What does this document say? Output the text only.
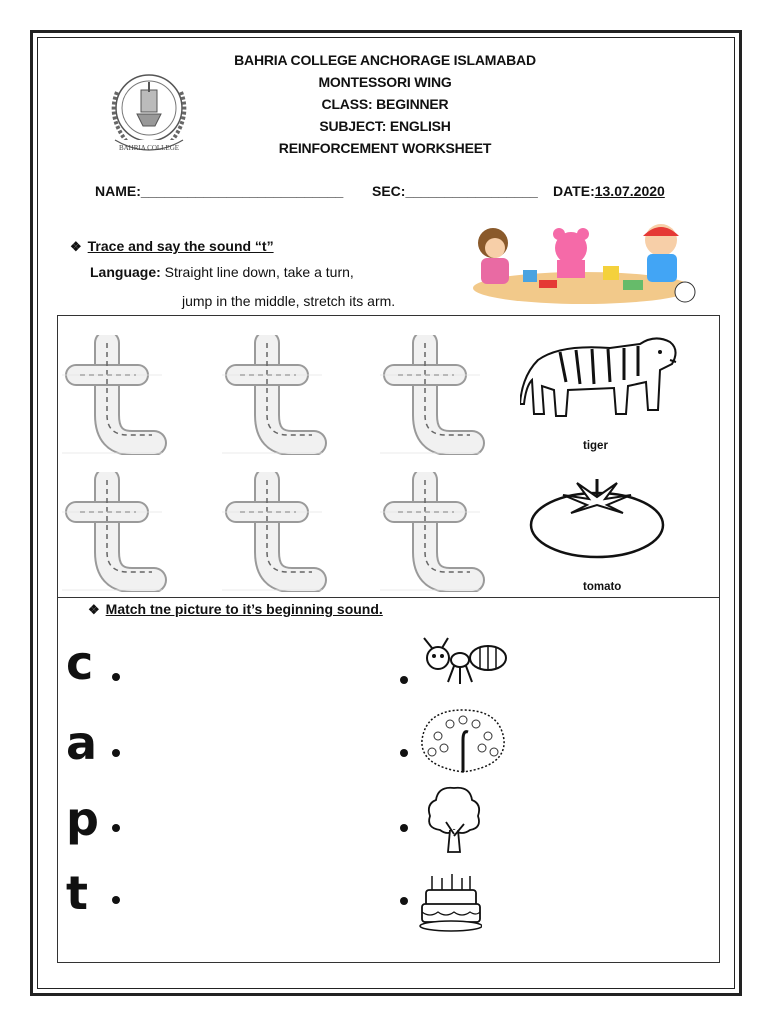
BAHRIA COLLEGE
BAHRIA COLLEGE ANCHORAGE ISLAMABAD
MONTESSORI WING
CLASS: BEGINNER
SUBJECT: ENGLISH
REINFORCEMENT WORKSHEET
NAME:__________________________ SEC:_________________ DATE:13.07.2020
❖ Trace and say the sound “t”
Language: Straight line down, take a turn,
jump in the middle, stretch its arm.
tiger
tomato
❖ Match tne picture to it’s beginning sound.
c
a
p
t
